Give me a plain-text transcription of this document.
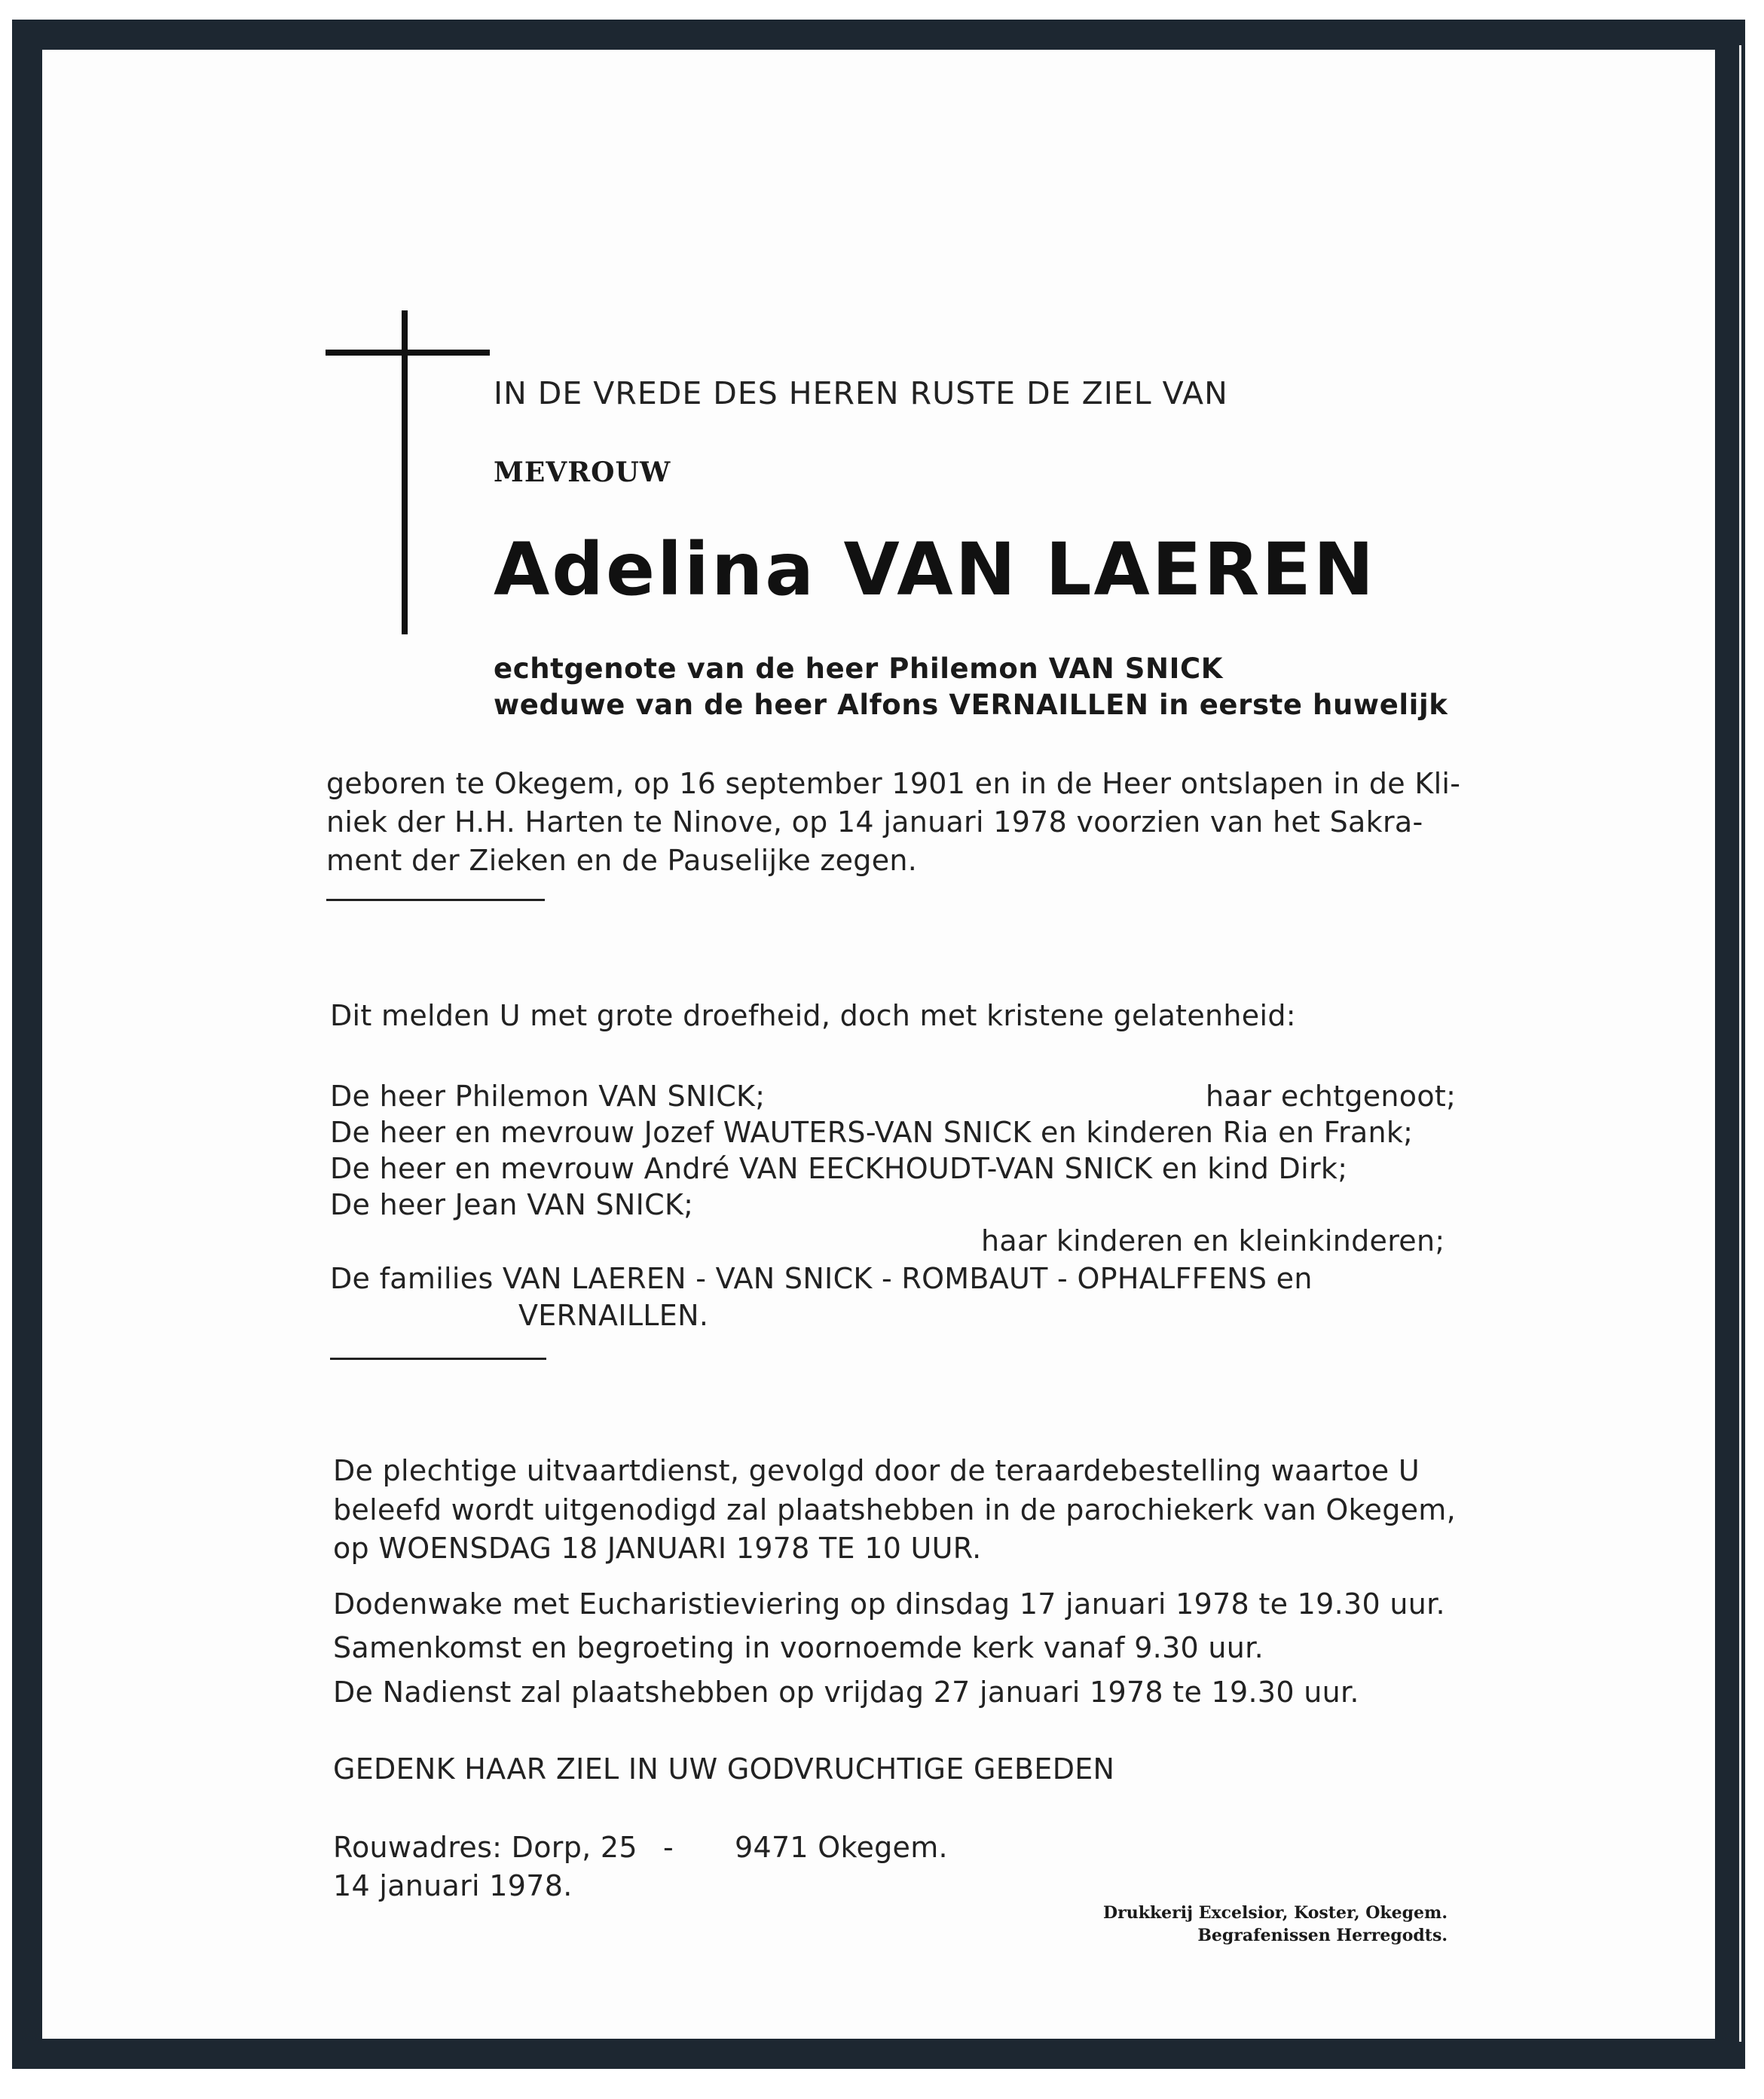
IN DE VREDE DES HEREN RUSTE DE ZIEL VAN
MEVROUW
Adelina VAN LAEREN
echtgenote van de heer Philemon VAN SNICK
weduwe van de heer Alfons VERNAILLEN in eerste huwelijk
geboren te Okegem, op 16 september 1901 en in de Heer ontslapen in de Kli-
niek der H.H. Harten te Ninove, op 14 januari 1978 voorzien van het Sakra-
ment der Zieken en de Pauselijke zegen.
Dit melden U met grote droefheid, doch met kristene gelatenheid:
De heer Philemon VAN SNICK;	haar echtgenoot;
De heer en mevrouw Jozef WAUTERS-VAN SNICK en kinderen Ria en Frank;
De heer en mevrouw André VAN EECKHOUDT-VAN SNICK en kind Dirk;
De heer Jean VAN SNICK;
haar kinderen en kleinkinderen;
De families VAN LAEREN - VAN SNICK - ROMBAUT - OPHALFFENS en
VERNAILLEN.
De plechtige uitvaartdienst, gevolgd door de teraardebestelling waartoe U
beleefd wordt uitgenodigd zal plaatshebben in de parochiekerk van Okegem,
op WOENSDAG 18 JANUARI 1978 TE 10 UUR.
Dodenwake met Eucharistieviering op dinsdag 17 januari 1978 te 19.30 uur.
Samenkomst en begroeting in voornoemde kerk vanaf 9.30 uur.
De Nadienst zal plaatshebben op vrijdag 27 januari 1978 te 19.30 uur.
GEDENK HAAR ZIEL IN UW GODVRUCHTIGE GEBEDEN
Rouwadres: Dorp, 25 - 9471 Okegem.
14 januari 1978.
Drukkerij Excelsior, Koster, Okegem.
Begrafenissen Herregodts.
